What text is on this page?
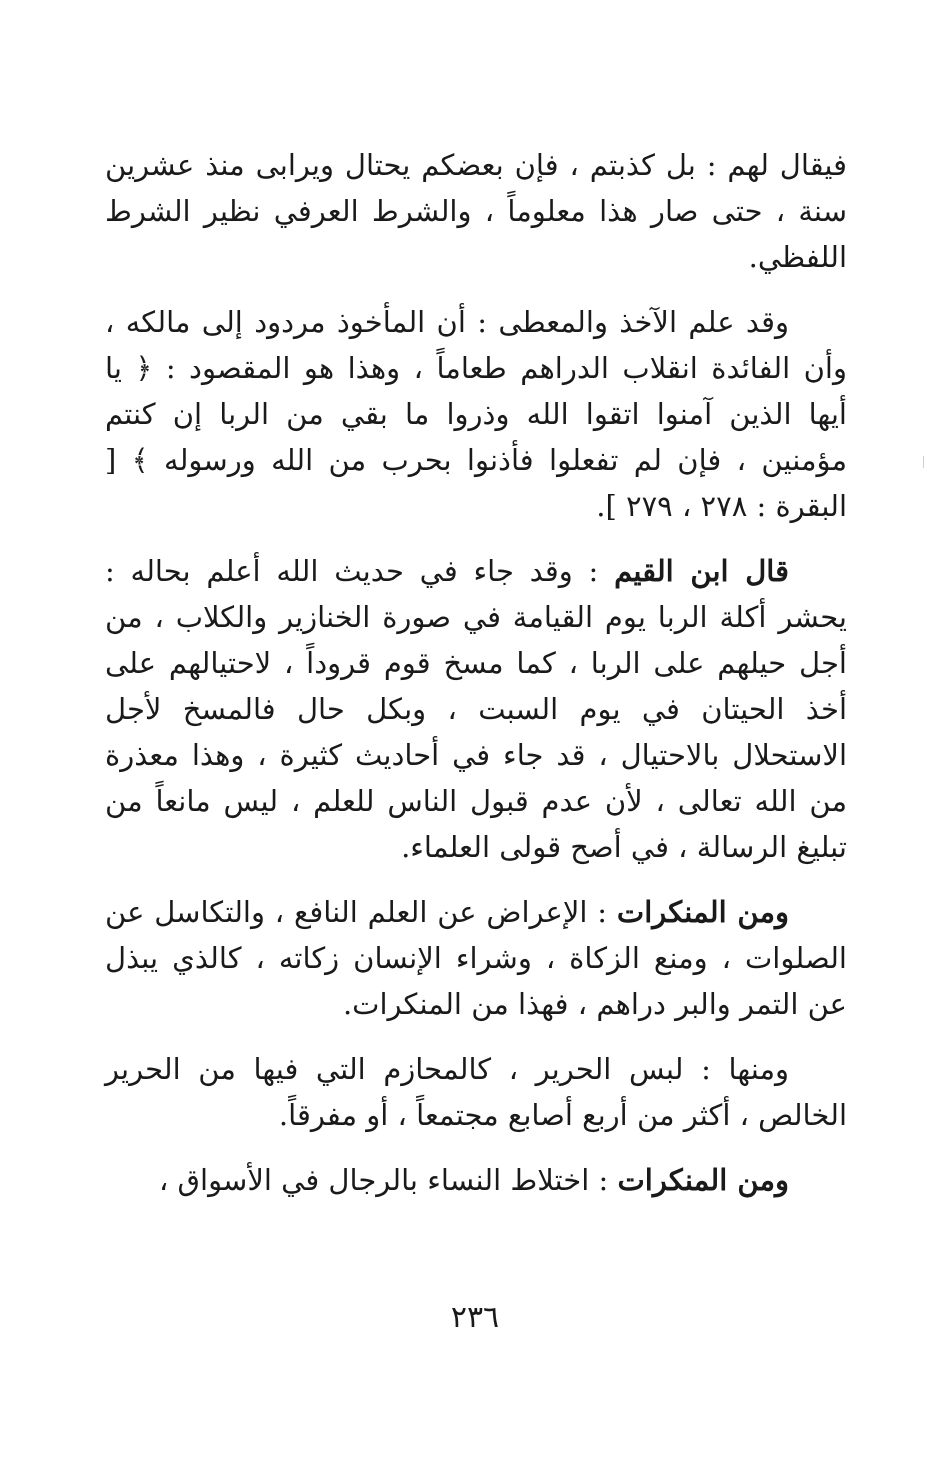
فيقال لهم : بل كذبتم ، فإن بعضكم يحتال ويرابى منذ عشرين سنة ، حتى صار هذا معلوماً ، والشرط العرفي نظير الشرط اللفظي.

وقد علم الآخذ والمعطى : أن المأخوذ مردود إلى مالكه ، وأن الفائدة انقلاب الدراهم طعاماً ، وهذا هو المقصود : ﴿ يا أيها الذين آمنوا اتقوا الله وذروا ما بقي من الربا إن كنتم مؤمنين ، فإن لم تفعلوا فأذنوا بحرب من الله ورسوله ﴾ [ البقرة : ٢٧٨ ، ٢٧٩ ].

قال ابن القيم : وقد جاء في حديث الله أعلم بحاله : يحشر أكلة الربا يوم القيامة في صورة الخنازير والكلاب ، من أجل حيلهم على الربا ، كما مسخ قوم قروداً ، لاحتيالهم على أخذ الحيتان في يوم السبت ، وبكل حال فالمسخ لأجل الاستحلال بالاحتيال ، قد جاء في أحاديث كثيرة ، وهذا معذرة من الله تعالى ، لأن عدم قبول الناس للعلم ، ليس مانعاً من تبليغ الرسالة ، في أصح قولى العلماء.

ومن المنكرات : الإعراض عن العلم النافع ، والتكاسل عن الصلوات ، ومنع الزكاة ، وشراء الإنسان زكاته ، كالذي يبذل عن التمر والبر دراهم ، فهذا من المنكرات.

ومنها : لبس الحرير ، كالمحازم التي فيها من الحرير الخالص ، أكثر من أربع أصابع مجتمعاً ، أو مفرقاً.

ومن المنكرات : اختلاط النساء بالرجال في الأسواق ،

٢٣٦
